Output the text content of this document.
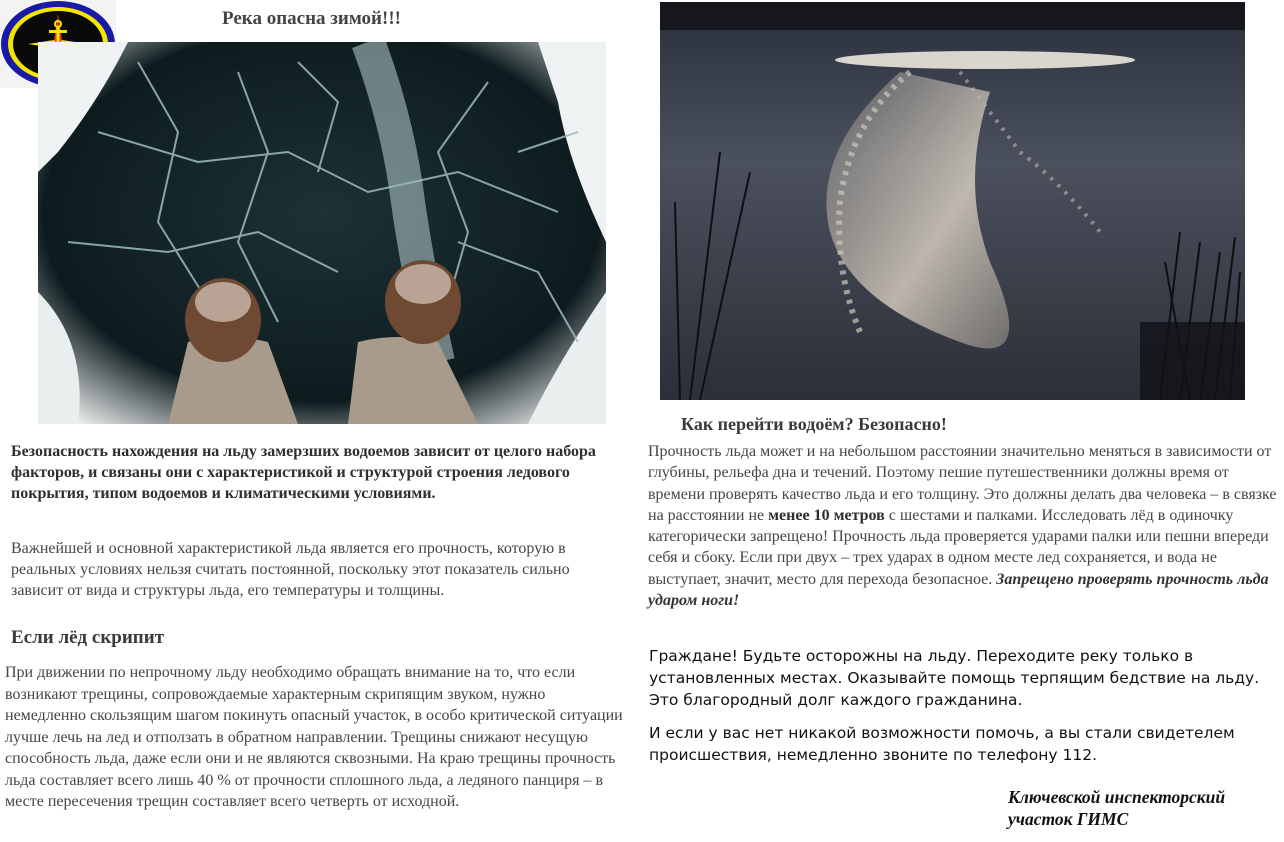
Река опасна зимой!!!
Безопасность нахождения на льду замерзших водоемов зависит от целого набора факторов, и связаны они с характеристикой и структурой строения ледового покрытия, типом водоемов и климатическими условиями.
Важнейшей и основной характеристикой льда является его прочность, которую в реальных условиях нельзя считать постоянной, поскольку этот показатель сильно зависит от вида и структуры льда, его температуры и толщины.
Если лёд скрипит
При движении по непрочному льду необходимо обращать внимание на то, что если возникают трещины, сопровождаемые характерным скрипящим звуком, нужно немедленно скользящим шагом покинуть опасный участок, в особо критической ситуации лучше лечь на лед и отползать в обратном направлении. Трещины снижают несущую способность льда, даже если они и не являются сквозными. На краю трещины прочность льда составляет всего лишь 40 % от прочности сплошного льда, а ледяного панциря – в месте пересечения трещин составляет всего четверть от исходной.
Как перейти водоём? Безопасно!
Прочность льда может и на небольшом расстоянии значительно меняться в зависимости от глубины, рельефа дна и течений. Поэтому пешие путешественники должны время от времени проверять качество льда и его толщину. Это должны делать два человека – в связке на расстоянии не менее 10 метров с шестами и палками. Исследовать лёд в одиночку категорически запрещено! Прочность льда проверяется ударами палки или пешни впереди себя и сбоку. Если при двух – трех ударах в одном месте лед сохраняется, и вода не выступает, значит, место для перехода безопасное. Запрещено проверять прочность льда ударом ноги!
Граждане! Будьте осторожны на льду. Переходите реку только в установленных местах. Оказывайте помощь терпящим бедствие на льду. Это благородный долг каждого гражданина.
И если у вас нет никакой возможности помочь, а вы стали свидетелем происшествия, немедленно звоните по телефону 112.
Ключевской инспекторский
участок ГИМС
